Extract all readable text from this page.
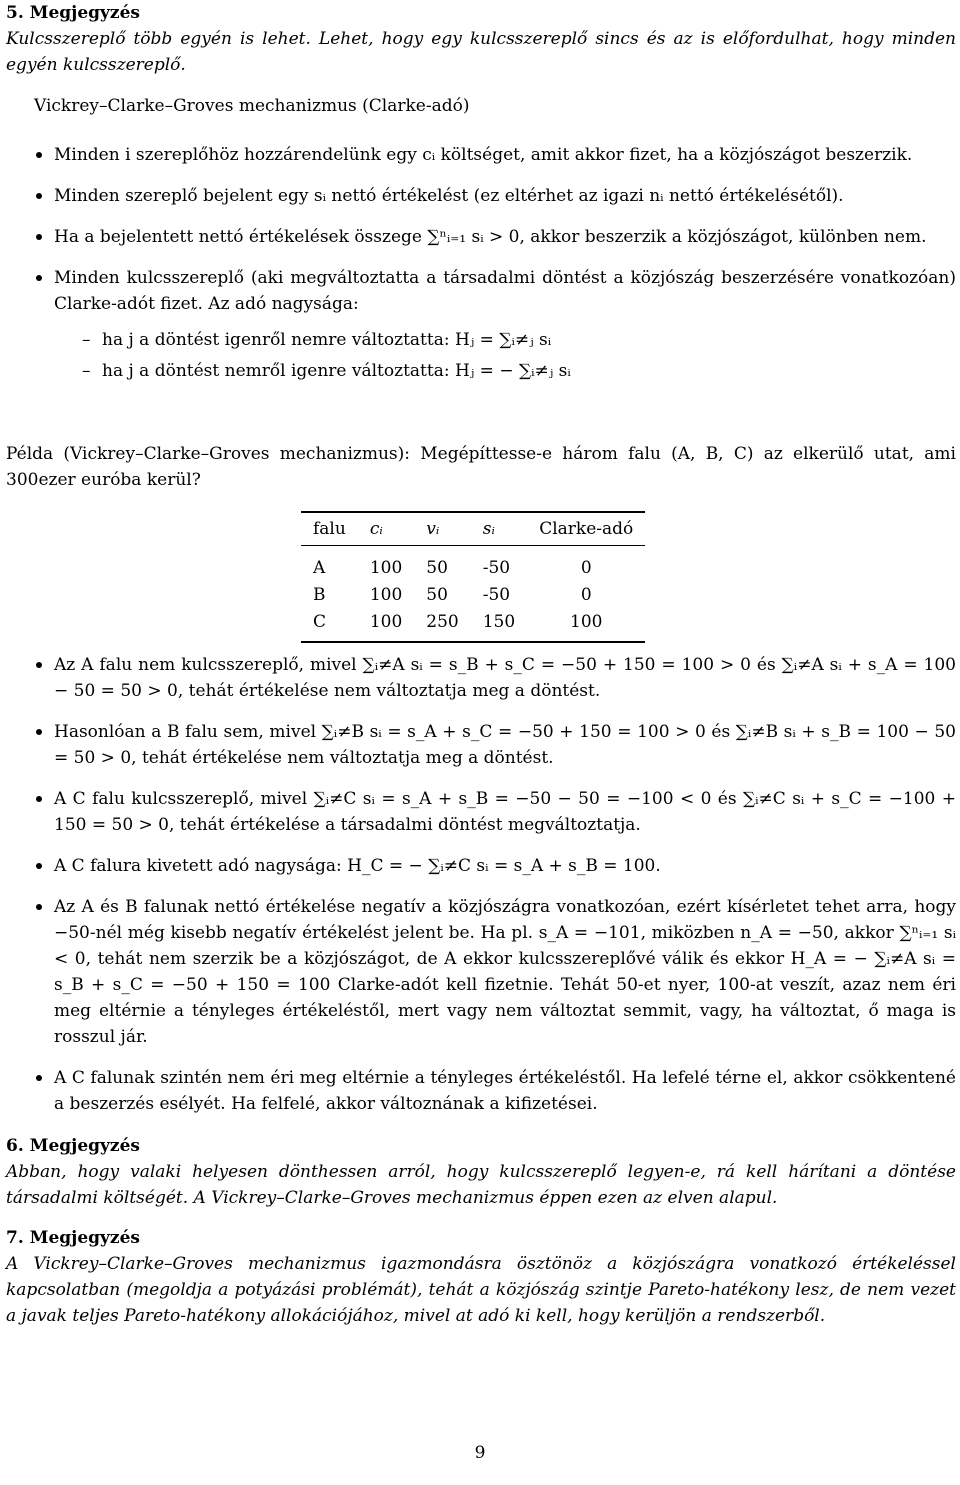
5. Megjegyzés
Kulcsszereplő több egyén is lehet. Lehet, hogy egy kulcsszereplő sincs és az is előfordulhat, hogy minden egyén kulcsszereplő.
Vickrey–Clarke–Groves mechanizmus (Clarke-adó)
Minden i szereplőhöz hozzárendelünk egy cᵢ költséget, amit akkor fizet, ha a közjószágot beszerzik.
Minden szereplő bejelent egy sᵢ nettó értékelést (ez eltérhet az igazi nᵢ nettó értékelésétől).
Ha a bejelentett nettó értékelések összege ∑ⁿᵢ₌₁ sᵢ > 0, akkor beszerzik a közjószágot, különben nem.
Minden kulcsszereplő (aki megváltoztatta a társadalmi döntést a közjószág beszerzésére vonatkozóan) Clarke-adót fizet. Az adó nagysága:
– ha j a döntést igenről nemre változtatta: Hⱼ = ∑ᵢ≠ⱼ sᵢ
– ha j a döntést nemről igenre változtatta: Hⱼ = − ∑ᵢ≠ⱼ sᵢ
Példa (Vickrey–Clarke–Groves mechanizmus): Megépíttesse-e három falu (A, B, C) az elkerülő utat, ami 300ezer euróba kerül?
falu	cᵢ	vᵢ	sᵢ	Clarke-adó
A	100	50	-50	0
B	100	50	-50	0
C	100	250	150	100
Az A falu nem kulcsszereplő, mivel ∑ᵢ≠A sᵢ = s_B + s_C = −50 + 150 = 100 > 0 és ∑ᵢ≠A sᵢ + s_A = 100 − 50 = 50 > 0, tehát értékelése nem változtatja meg a döntést.
Hasonlóan a B falu sem, mivel ∑ᵢ≠B sᵢ = s_A + s_C = −50 + 150 = 100 > 0 és ∑ᵢ≠B sᵢ + s_B = 100 − 50 = 50 > 0, tehát értékelése nem változtatja meg a döntést.
A C falu kulcsszereplő, mivel ∑ᵢ≠C sᵢ = s_A + s_B = −50 − 50 = −100 < 0 és ∑ᵢ≠C sᵢ + s_C = −100 + 150 = 50 > 0, tehát értékelése a társadalmi döntést megváltoztatja.
A C falura kivetett adó nagysága: H_C = − ∑ᵢ≠C sᵢ = s_A + s_B = 100.
Az A és B falunak nettó értékelése negatív a közjószágra vonatkozóan, ezért kísérletet tehet arra, hogy −50-nél még kisebb negatív értékelést jelent be. Ha pl. s_A = −101, miközben n_A = −50, akkor ∑ⁿᵢ₌₁ sᵢ < 0, tehát nem szerzik be a közjószágot, de A ekkor kulcsszereplővé válik és ekkor H_A = − ∑ᵢ≠A sᵢ = s_B + s_C = −50 + 150 = 100 Clarke-adót kell fizetnie. Tehát 50-et nyer, 100-at veszít, azaz nem éri meg eltérnie a tényleges értékeléstől, mert vagy nem változtat semmit, vagy, ha változtat, ő maga is rosszul jár.
A C falunak szintén nem éri meg eltérnie a tényleges értékeléstől. Ha lefelé térne el, akkor csökkentené a beszerzés esélyét. Ha felfelé, akkor változnának a kifizetései.
6. Megjegyzés
Abban, hogy valaki helyesen dönthessen arról, hogy kulcsszereplő legyen-e, rá kell hárítani a döntése társadalmi költségét. A Vickrey–Clarke–Groves mechanizmus éppen ezen az elven alapul.
7. Megjegyzés
A Vickrey–Clarke–Groves mechanizmus igazmondásra ösztönöz a közjószágra vonatkozó értékeléssel kapcsolatban (megoldja a potyázási problémát), tehát a közjószág szintje Pareto-hatékony lesz, de nem vezet a javak teljes Pareto-hatékony allokációjához, mivel at adó ki kell, hogy kerüljön a rendszerből.
9
